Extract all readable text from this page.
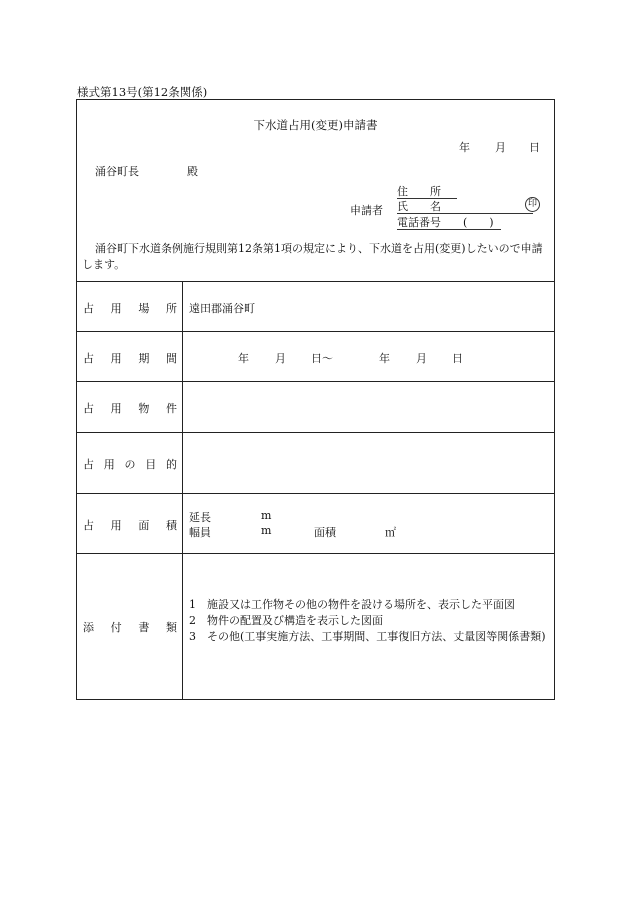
様式第13号(第12条関係)
下水道占用(変更)申請書
年 月 日
涌谷町長	殿
申請者
住　　所
氏　　名	印
電話番号　　(　　)
涌谷町下水道条例施行規則第12条第1項の規定により、下水道を占用(変更)したいので申請します。
占 用 場 所 遠田郡涌谷町
占 用 期 間	年 月 日～	年 月 日
占 用 物 件
占 用 の 目 的
占 用 面 積
延長	m
幅員	m	面積	㎡
添 付 書 類
1　施設又は工作物その他の物件を設ける場所を、表示した平面図
2　物件の配置及び構造を表示した図面
3　その他(工事実施方法、工事期間、工事復旧方法、丈量図等関係書類)
